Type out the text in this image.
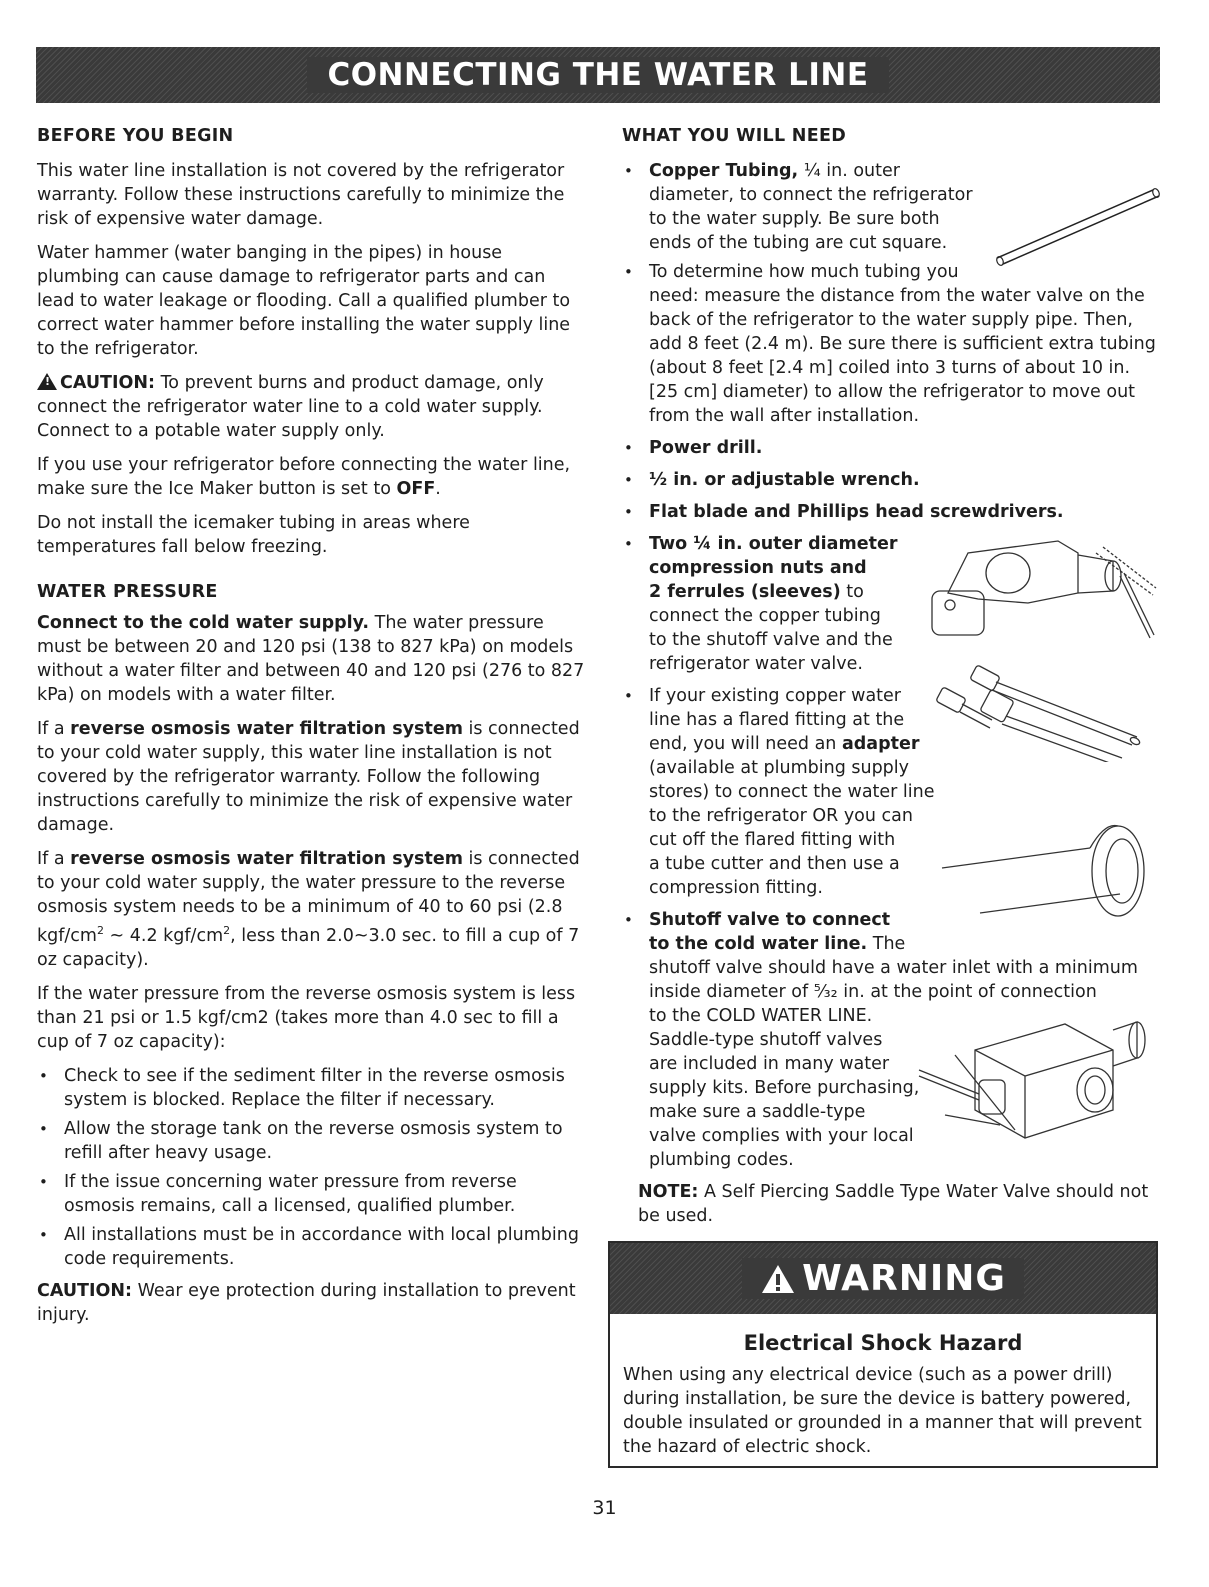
CONNECTING THE WATER LINE
BEFORE YOU BEGIN

This water line installation is not covered by the refrigerator warranty. Follow these instructions carefully to minimize the risk of expensive water damage.

Water hammer (water banging in the pipes) in house plumbing can cause damage to refrigerator parts and can lead to water leakage or flooding. Call a qualified plumber to correct water hammer before installing the water supply line to the refrigerator.

!CAUTION: To prevent burns and product damage, only connect the refrigerator water line to a cold water supply. Connect to a potable water supply only.

If you use your refrigerator before connecting the water line, make sure the Ice Maker button is set to OFF.

Do not install the icemaker tubing in areas where temperatures fall below freezing.

WATER PRESSURE

Connect to the cold water supply. The water pressure must be between 20 and 120 psi (138 to 827 kPa) on models without a water filter and between 40 and 120 psi (276 to 827 kPa) on models with a water filter.

If a reverse osmosis water filtration system is connected to your cold water supply, this water line installation is not covered by the refrigerator warranty. Follow the following instructions carefully to minimize the risk of expensive water damage.

If a reverse osmosis water filtration system is connected to your cold water supply, the water pressure to the reverse osmosis system needs to be a minimum of 40 to 60 psi (2.8 kgf/$cm^2$ ~ 4.2 kgf/$cm^2$, less than 2.0~3.0 sec. to fill a cup of 7 oz capacity).

If the water pressure from the reverse osmosis system is less than 21 psi or 1.5 kgf/cm2 (takes more than 4.0 sec to fill a cup of 7 oz capacity):

• Check to see if the sediment filter in the reverse osmosis system is blocked. Replace the filter if necessary.
• Allow the storage tank on the reverse osmosis system to refill after heavy usage.
• If the issue concerning water pressure from reverse osmosis remains, call a licensed, qualified plumber.
• All installations must be in accordance with local plumbing code requirements.

CAUTION: Wear eye protection during installation to prevent injury.

WHAT YOU WILL NEED
• Copper Tubing, ¼ in. outer
diameter, to connect the refrigerator
to the water supply. Be sure both
ends of the tubing are cut square.
• To determine how much tubing you
need: measure the distance from the water valve on the back of the refrigerator to the water supply pipe. Then, add 8 feet (2.4 m). Be sure there is sufficient extra tubing (about 8 feet [2.4 m] coiled into 3 turns of about 10 in. [25 cm] diameter) to allow the refrigerator to move out from the wall after installation.
• Power drill.
• ½ in. or adjustable wrench.
• Flat blade and Phillips head screwdrivers.
• Two ¼ in. outer diameter
compression nuts and
2 ferrules (sleeves) to
connect the copper tubing
to the shutoff valve and the
refrigerator water valve.
• If your existing copper water
line has a flared fitting at the
end, you will need an adapter
(available at plumbing supply
stores) to connect the water line
to the refrigerator OR you can
cut off the flared fitting with
a tube cutter and then use a
compression fitting.
• Shutoff valve to connect
to the cold water line. The
shutoff valve should have a water inlet with a minimum
inside diameter of ⁵⁄₃₂ in. at the point of connection
to the COLD WATER LINE.
Saddle-type shutoff valves
are included in many water
supply kits. Before purchasing,
make sure a saddle-type
valve complies with your local
plumbing codes.

NOTE: A Self Piercing Saddle Type Water Valve should not be used.

WARNING
Electrical Shock Hazard
When using any electrical device (such as a power drill) during installation, be sure the device is battery powered, double insulated or grounded in a manner that will prevent the hazard of electric shock.
31
